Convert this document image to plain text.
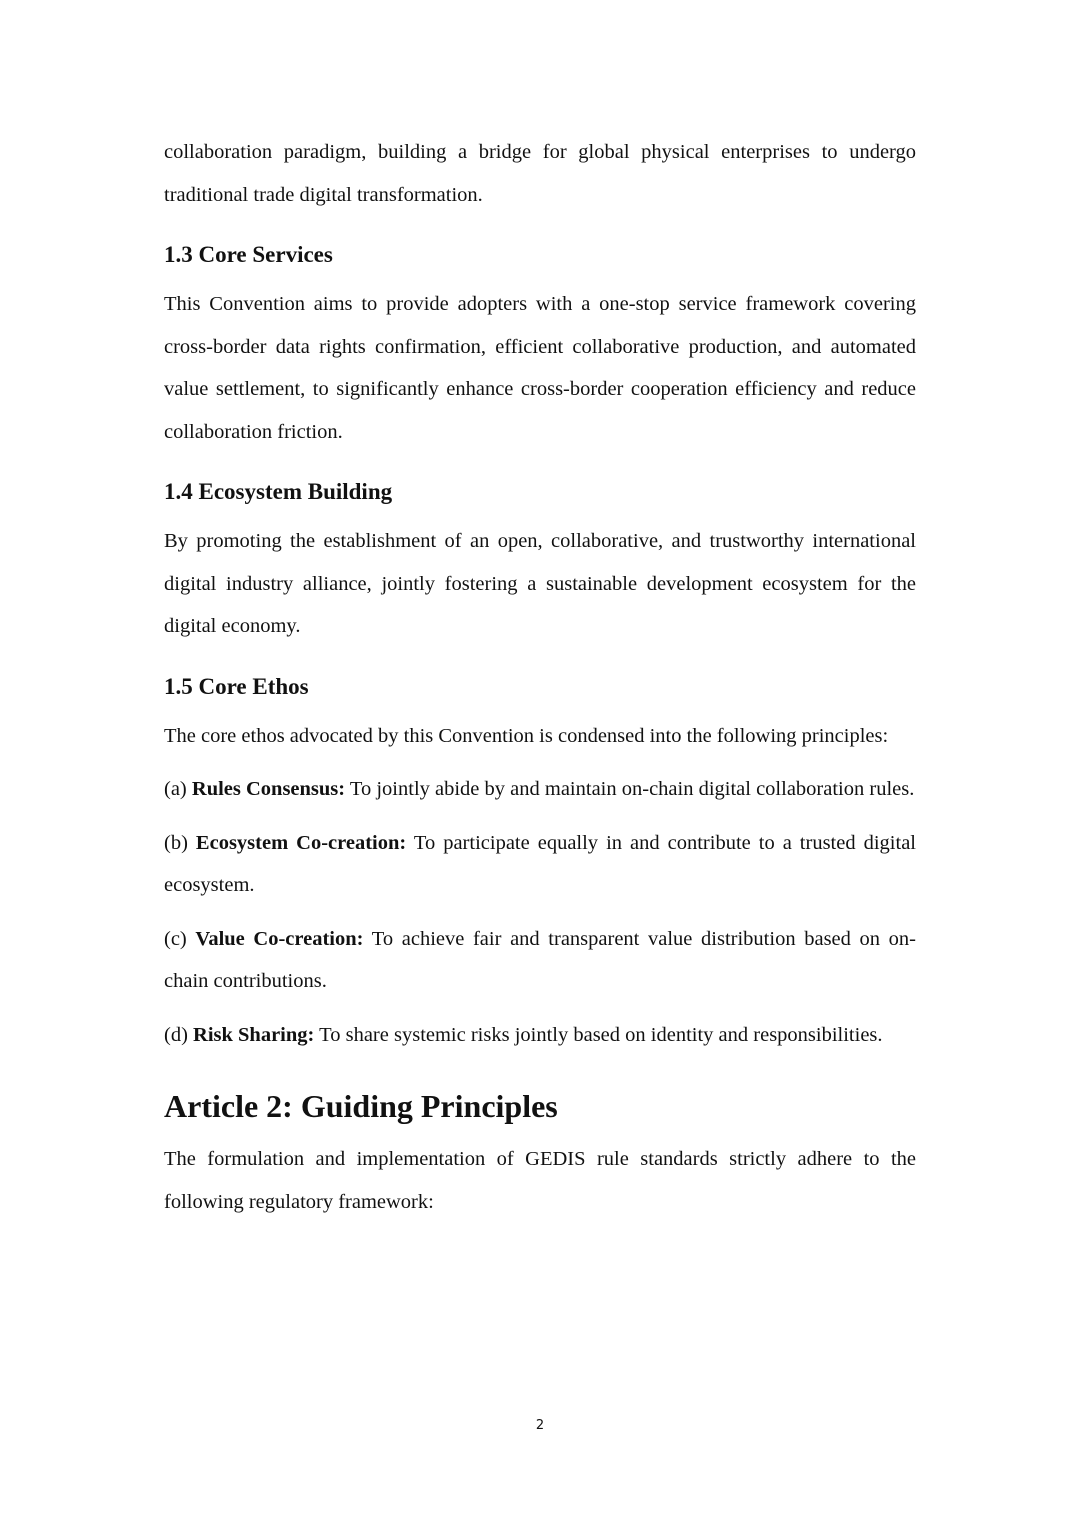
collaboration paradigm, building a bridge for global physical enterprises to undergo traditional trade digital transformation.

1.3 Core Services

This Convention aims to provide adopters with a one-stop service framework covering cross-border data rights confirmation, efficient collaborative production, and automated value settlement, to significantly enhance cross-border cooperation efficiency and reduce collaboration friction.

1.4 Ecosystem Building

By promoting the establishment of an open, collaborative, and trustworthy international digital industry alliance, jointly fostering a sustainable development ecosystem for the digital economy.

1.5 Core Ethos

The core ethos advocated by this Convention is condensed into the following principles:

(a) Rules Consensus: To jointly abide by and maintain on-chain digital collaboration rules.

(b) Ecosystem Co-creation: To participate equally in and contribute to a trusted digital ecosystem.

(c) Value Co-creation: To achieve fair and transparent value distribution based on on-chain contributions.

(d) Risk Sharing: To share systemic risks jointly based on identity and responsibilities.

Article 2: Guiding Principles

The formulation and implementation of GEDIS rule standards strictly adhere to the following regulatory framework:

2
